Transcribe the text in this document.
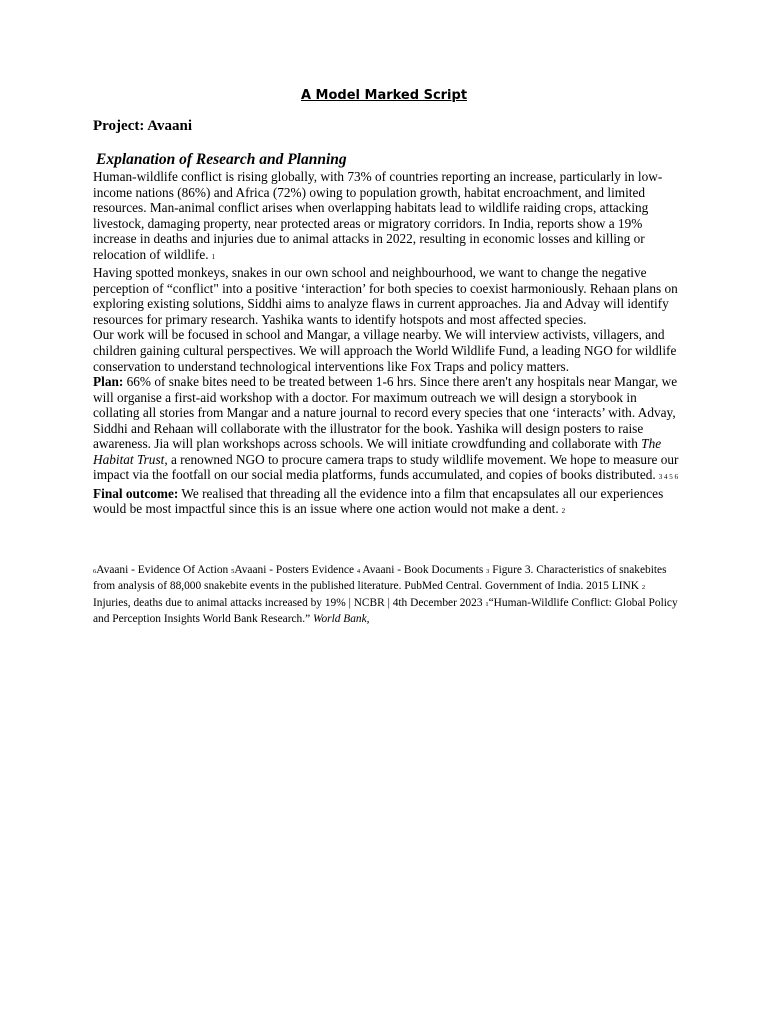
A Model Marked Script

Project: Avaani

Explanation of Research and Planning

Human-wildlife conflict is rising globally, with 73% of countries reporting an increase, particularly in low-income nations (86%) and Africa (72%) owing to population growth, habitat encroachment, and limited resources. Man-animal conflict arises when overlapping habitats lead to wildlife raiding crops, attacking livestock, damaging property, near protected areas or migratory corridors. In India, reports show a 19% increase in deaths and injuries due to animal attacks in 2022, resulting in economic losses and killing or relocation of wildlife. 1

Having spotted monkeys, snakes in our own school and neighbourhood, we want to change the negative perception of “conflict" into a positive ‘interaction’ for both species to coexist harmoniously. Rehaan plans on exploring existing solutions, Siddhi aims to analyze flaws in current approaches. Jia and Advay will identify resources for primary research. Yashika wants to identify hotspots and most affected species.

Our work will be focused in school and Mangar, a village nearby. We will interview activists, villagers, and children gaining cultural perspectives. We will approach the World Wildlife Fund, a leading NGO for wildlife conservation to understand technological interventions like Fox Traps and policy matters.

Plan: 66% of snake bites need to be treated between 1-6 hrs. Since there aren't any hospitals near Mangar, we will organise a first-aid workshop with a doctor. For maximum outreach we will design a storybook in collating all stories from Mangar and a nature journal to record every species that one ‘interacts’ with. Advay, Siddhi and Rehaan will collaborate with the illustrator for the book. Yashika will design posters to raise awareness. Jia will plan workshops across schools. We will initiate crowdfunding and collaborate with The Habitat Trust, a renowned NGO to procure camera traps to study wildlife movement. We hope to measure our impact via the footfall on our social media platforms, funds accumulated, and copies of books distributed. 3 4 5 6

Final outcome: We realised that threading all the evidence into a film that encapsulates all our experiences would be most impactful since this is an issue where one action would not make a dent. 2

6Avaani - Evidence Of Action 5Avaani - Posters Evidence 4 Avaani - Book Documents 3 Figure 3. Characteristics of snakebites from analysis of 88,000 snakebite events in the published literature. PubMed Central. Government of India. 2015 LINK 2 Injuries, deaths due to animal attacks increased by 19% | NCBR | 4th December 2023 1“Human-Wildlife Conflict: Global Policy and Perception Insights World Bank Research.” World Bank,
